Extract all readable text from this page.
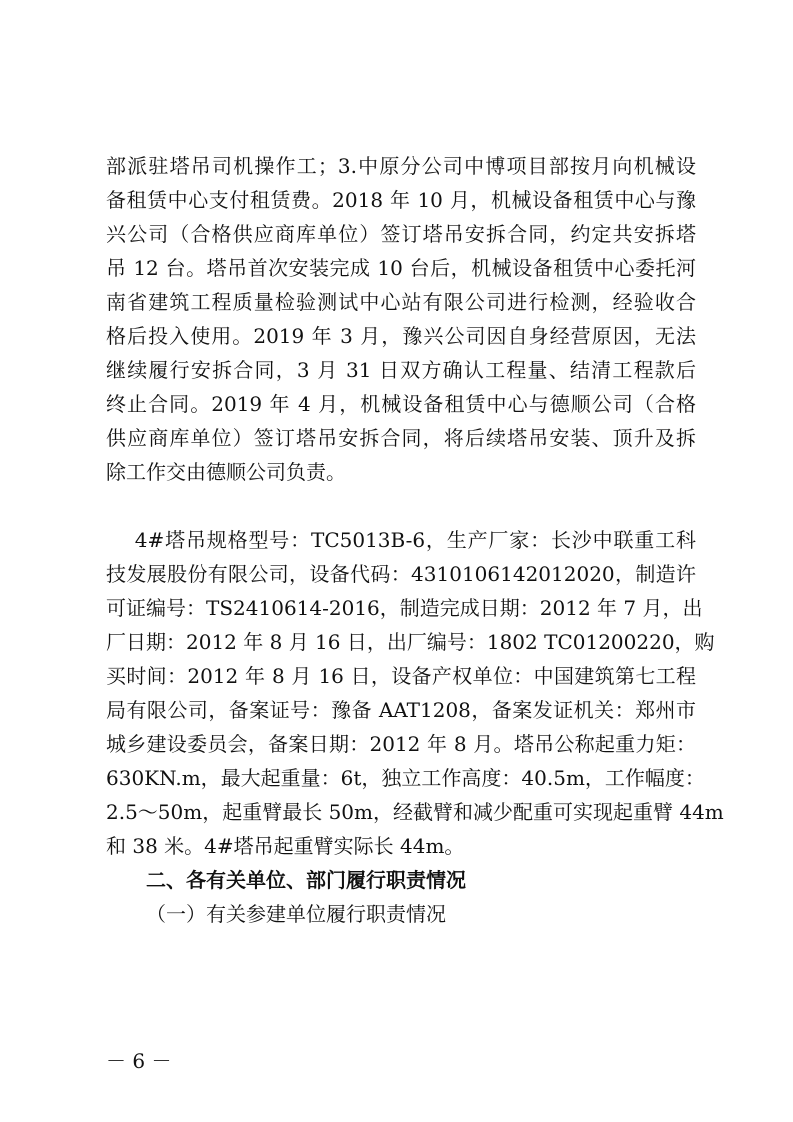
部派驻塔吊司机操作工；3.中原分公司中博项目部按月向机械设
备租赁中心支付租赁费。2018 年 10 月，机械设备租赁中心与豫
兴公司（合格供应商库单位）签订塔吊安拆合同，约定共安拆塔
吊 12 台。塔吊首次安装完成 10 台后，机械设备租赁中心委托河
南省建筑工程质量检验测试中心站有限公司进行检测，经验收合
格后投入使用。2019 年 3 月，豫兴公司因自身经营原因，无法
继续履行安拆合同，3 月 31 日双方确认工程量、结清工程款后
终止合同。2019 年 4 月，机械设备租赁中心与德顺公司（合格
供应商库单位）签订塔吊安拆合同，将后续塔吊安装、顶升及拆
除工作交由德顺公司负责。
4#塔吊规格型号：TC5013B-6，生产厂家：长沙中联重工科
技发展股份有限公司，设备代码：4310106142012020，制造许
可证编号：TS2410614-2016，制造完成日期：2012 年 7 月，出
厂日期：2012 年 8 月 16 日，出厂编号：1802 TC01200220，购
买时间：2012 年 8 月 16 日，设备产权单位：中国建筑第七工程
局有限公司，备案证号：豫备 AAT1208，备案发证机关：郑州市
城乡建设委员会，备案日期：2012 年 8 月。塔吊公称起重力矩：
630KN.m，最大起重量：6t，独立工作高度：40.5m，工作幅度：
2.5～50m，起重臂最长 50m，经截臂和减少配重可实现起重臂 44m
和 38 米。4#塔吊起重臂实际长 44m。
二、各有关单位、部门履行职责情况
（一）有关参建单位履行职责情况
－ 6 －
